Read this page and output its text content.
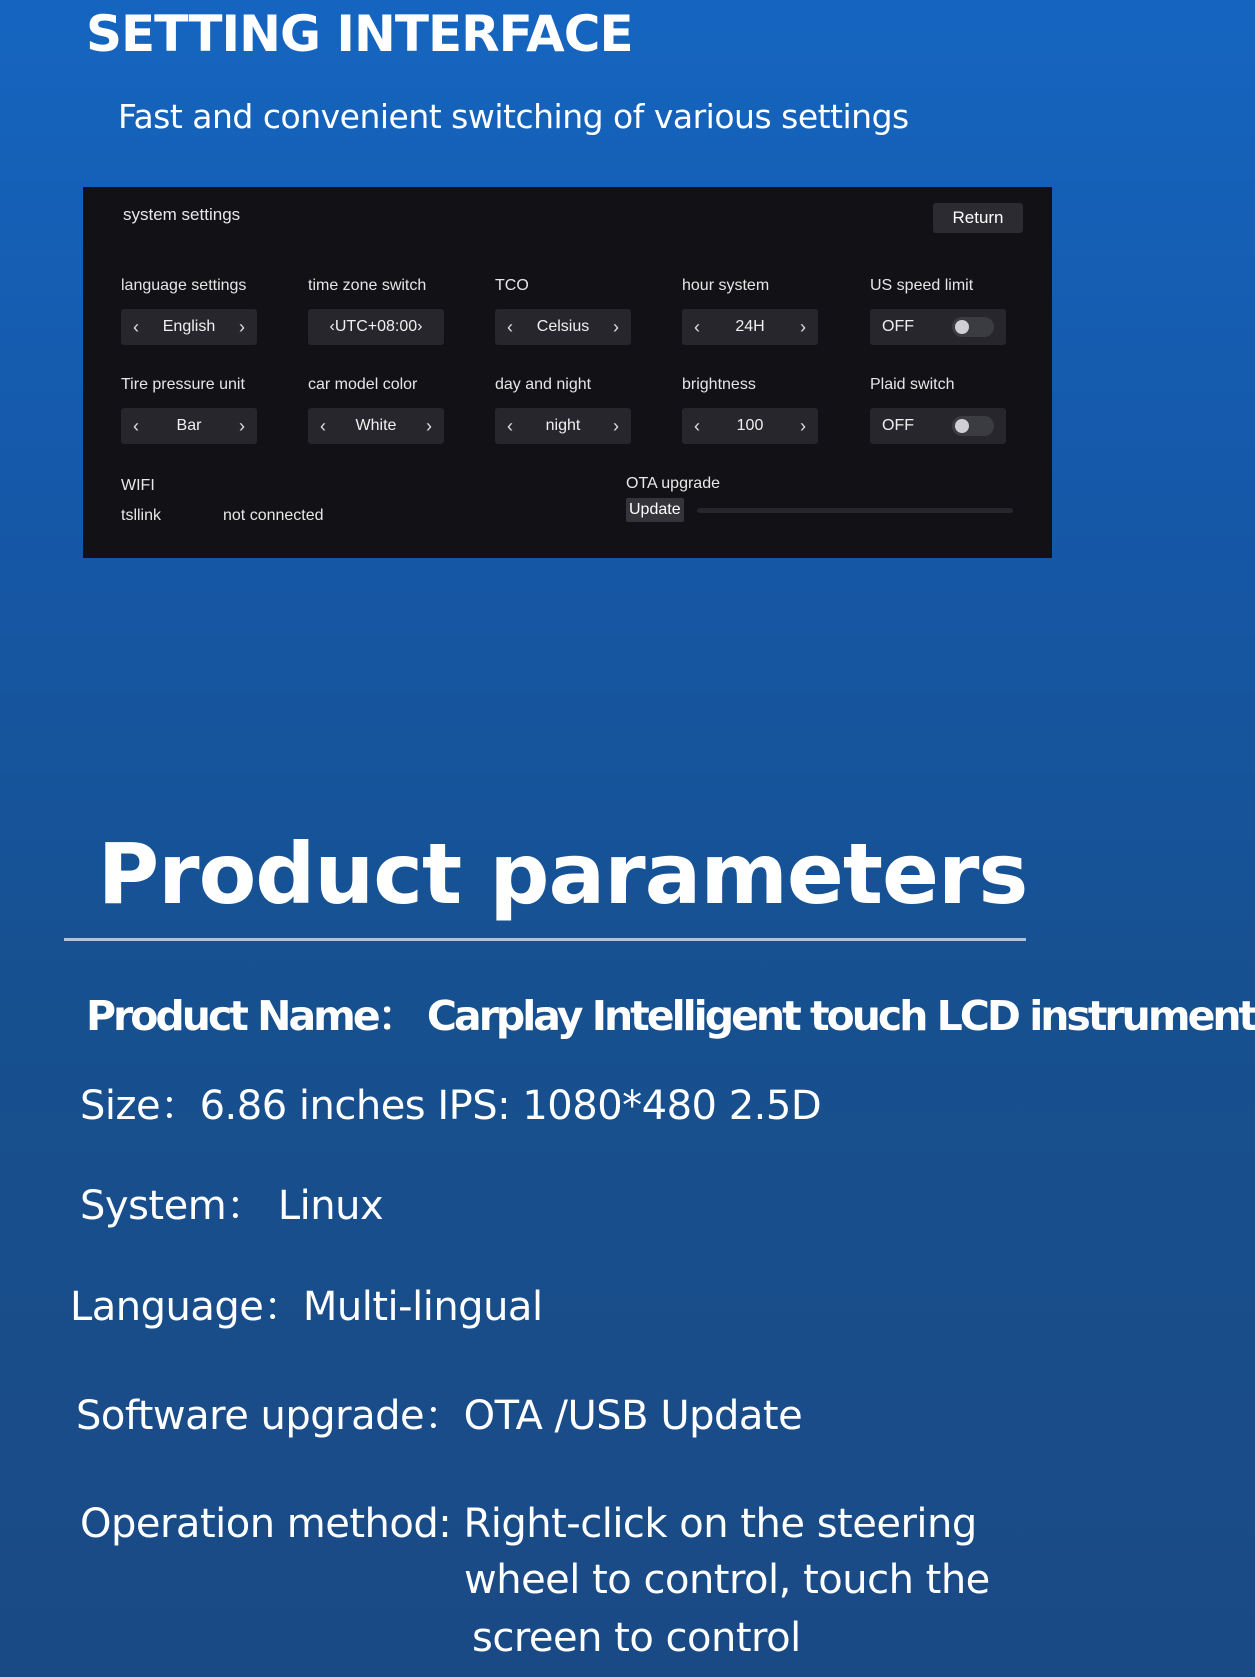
SETTING INTERFACE

Fast and convenient switching of various settings

system settings	Return
language settings
‹ English ›
time zone switch
‹UTC+08:00›
TCO
‹ Celsius ›
hour system
‹ 24H ›
US speed limit
OFF
Tire pressure unit
‹ Bar ›
car model color
‹ White ›
day and night
‹ night ›
brightness
‹ 100 ›
Plaid switch
OFF
WIFI
tsllink	not connected
OTA upgrade
Update
Product parameters

Product Name： Carplay Intelligent touch LCD instrument

Size：6.86 inches IPS: 1080*480 2.5D

System： Linux

Language：Multi-lingual

Software upgrade：OTA /USB Update

Operation method: Right-click on the steering

wheel to control, touch the
screen to control
